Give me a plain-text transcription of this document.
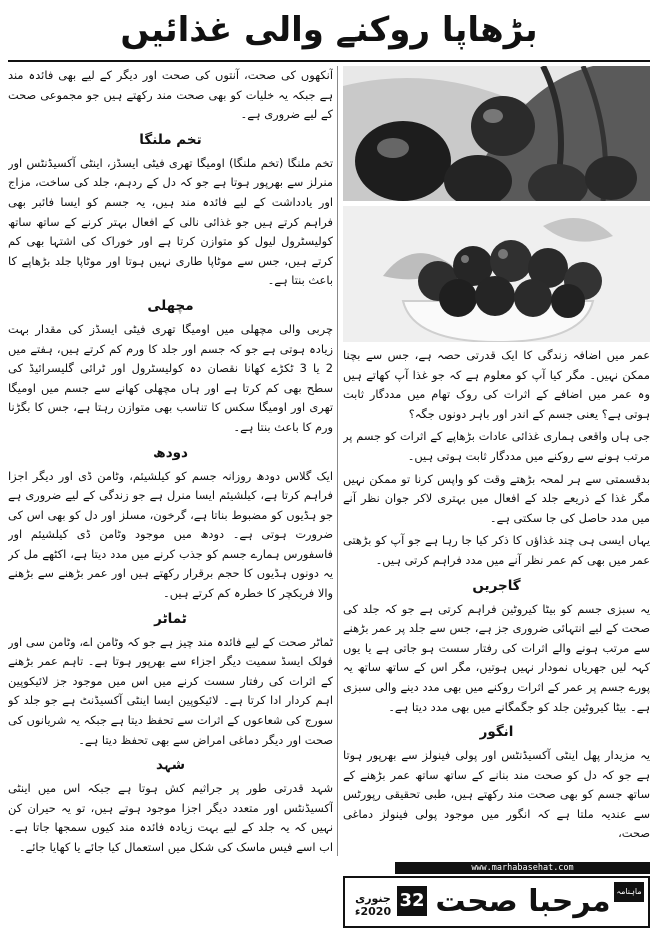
بڑھاپا روکنے والی غذائیں

آنکھوں کی صحت، آنتوں کی صحت اور دیگر کے لیے بھی فائدہ مند ہے جبکہ یہ خلیات کو بھی صحت مند رکھتے ہیں جو مجموعی صحت کے لیے ضروری ہے۔

تخم ملنگا

تخم ملنگا (تخم ملنگا) اومیگا تھری فیٹی ایسڈز، اینٹی آکسیڈنٹس اور منرلز سے بھرپور ہوتا ہے جو کہ دل کے ردہم، جلد کی ساخت، مزاج اور یادداشت کے لیے فائدہ مند ہیں، یہ جسم کو ایسا فائبر بھی فراہم کرتے ہیں جو غذائی نالی کے افعال بہتر کرنے کے ساتھ ساتھ کولیسٹرول لیول کو متوازن کرتا ہے اور خوراک کی اشتہا بھی کم کرتے ہیں، جس سے موٹاپا طاری نہیں ہوتا اور موٹاپا جلد بڑھاپے کا باعث بنتا ہے۔

مچھلی

چربی والی مچھلی میں اومیگا تھری فیٹی ایسڈز کی مقدار بہت زیادہ ہوتی ہے جو کہ جسم اور جلد کا ورم کم کرتے ہیں، ہفتے میں 2 یا 3 ٹکڑے کھانا نقصان دہ کولیسٹرول اور ٹرائی گلیسرائیڈ کی سطح بھی کم کرتا ہے اور ہاں مچھلی کھانے سے جسم میں اومیگا تھری اور اومیگا سکس کا تناسب بھی متوازن رہتا ہے، جس کا بگڑنا ورم کا باعث بنتا ہے۔

دودھ

ایک گلاس دودھ روزانہ جسم کو کیلشیئم، وٹامن ڈی اور دیگر اجزا فراہم کرتا ہے، کیلشیئم ایسا منرل ہے جو زندگی کے لیے ضروری ہے جو ہڈیوں کو مضبوط بناتا ہے، گرخون، مسلز اور دل کو بھی اس کی ضرورت ہوتی ہے۔ دودھ میں موجود وٹامن ڈی کیلشیئم اور فاسفورس ہمارے جسم کو جذب کرنے میں مدد دیتا ہے، اکٹھے مل کر یہ دونوں ہڈیوں کا حجم برقرار رکھتے ہیں اور عمر بڑھنے سے بڑھنے والا فریکچر کا خطرہ کم کرتے ہیں۔

ٹماٹر

ٹماٹر صحت کے لیے فائدہ مند چیز ہے جو کہ وٹامن اے، وٹامن سی اور فولک ایسڈ سمیت دیگر اجزاء سے بھرپور ہوتا ہے۔ تاہم عمر بڑھنے کے اثرات کی رفتار سست کرنے میں اس میں موجود جز لائیکوپین اہم کردار ادا کرتا ہے۔ لائیکوپین ایسا اینٹی آکسیڈنٹ ہے جو جلد کو سورج کی شعاعوں کے اثرات سے تحفظ دیتا ہے جبکہ یہ شریانوں کی صحت اور دیگر دماغی امراض سے بھی تحفظ دیتا ہے۔

شہد

شہد قدرتی طور پر جراثیم کش ہوتا ہے جبکہ اس میں اینٹی آکسیڈنٹس اور متعدد دیگر اجزا موجود ہوتے ہیں، تو یہ حیران کن نہیں کہ یہ جلد کے لیے بہت زیادہ فائدہ مند کیوں سمجھا جاتا ہے۔ اب اسے فیس ماسک کی شکل میں استعمال کیا جائے یا کھایا جائے۔

عمر میں اضافہ زندگی کا ایک قدرتی حصہ ہے، جس سے بچنا ممکن نہیں۔ مگر کیا آپ کو معلوم ہے کہ جو غذا آپ کھاتے ہیں وہ عمر میں اضافے کے اثرات کی روک تھام میں مددگار ثابت ہوتی ہے؟ یعنی جسم کے اندر اور باہر دونوں جگہ؟

جی ہاں واقعی ہماری غذائی عادات بڑھاپے کے اثرات کو جسم پر مرتب ہونے سے روکنے میں مددگار ثابت ہوتی ہیں۔

بدقسمتی سے ہر لمحہ بڑھتے وقت کو واپس کرنا تو ممکن نہیں مگر غذا کے ذریعے جلد کے افعال میں بہتری لاکر جوان نظر آنے میں مدد حاصل کی جا سکتی ہے۔

یہاں ایسی ہی چند غذاؤں کا ذکر کیا جا رہا ہے جو آپ کو بڑھتی عمر میں بھی کم عمر نظر آنے میں مدد فراہم کرتی ہیں۔

گاجریں

یہ سبزی جسم کو بیٹا کیروٹین فراہم کرتی ہے جو کہ جلد کی صحت کے لیے انتہائی ضروری جز ہے، جس سے جلد پر عمر بڑھنے سے مرتب ہونے والے اثرات کی رفتار سست ہو جاتی ہے یا یوں کہہ لیں جھریاں نمودار نہیں ہوتیں، مگر اس کے ساتھ ساتھ یہ پورے جسم پر عمر کے اثرات روکنے میں بھی مدد دینے والی سبزی ہے۔ بیٹا کیروٹین جلد کو جگمگانے میں بھی مدد دیتا ہے۔

انگور

یہ مزیدار پھل اینٹی آکسیڈنٹس اور پولی فینولز سے بھرپور ہوتا ہے جو کہ دل کو صحت مند بنانے کے ساتھ ساتھ عمر بڑھنے کے ساتھ جسم کو بھی صحت مند رکھتے ہیں، طبی تحقیقی رپورٹس سے عندیہ ملتا ہے کہ انگور میں موجود پولی فینولز دماغی صحت،

www.marhabasehat.com
جنوری 2020ء
32 مرحبا صحت ماہنامہ
